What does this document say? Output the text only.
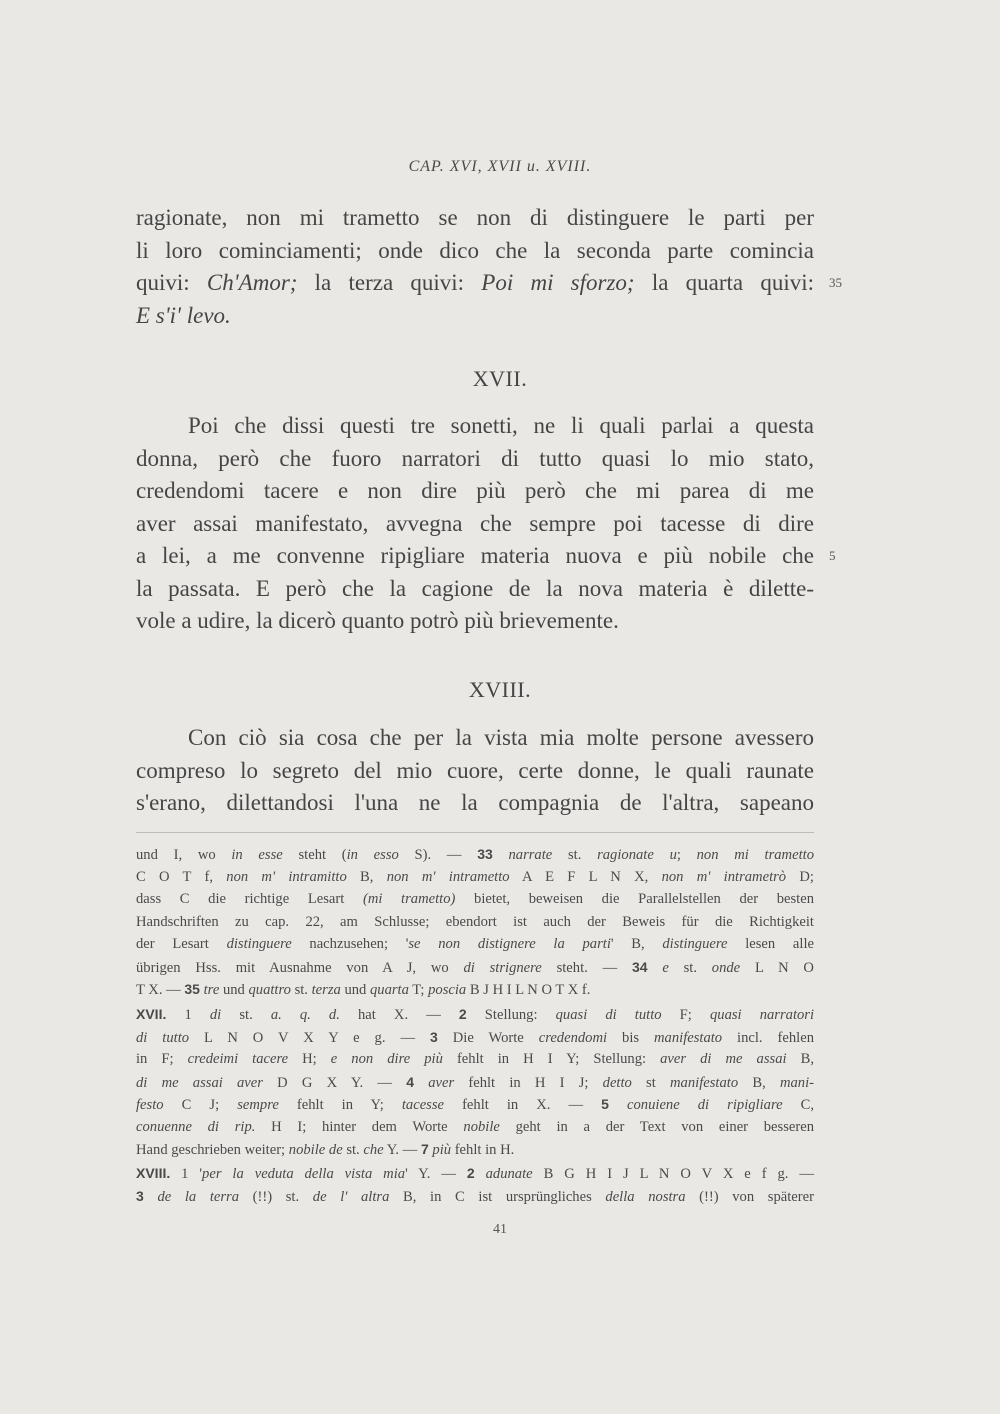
CAP. XVI, XVII u. XVIII.
ragionate, non mi trametto se non di distinguere le parti per
li loro cominciamenti; onde dico che la seconda parte comincia
quivi: Ch'Amor; la terza quivi: Poi mi sforzo; la quarta quivi: 35
E s'i' levo.
XVII.
Poi che dissi questi tre sonetti, ne li quali parlai a questa
donna, però che fuoro narratori di tutto quasi lo mio stato,
credendomi tacere e non dire più però che mi parea di me
aver assai manifestato, avvegna che sempre poi tacesse di dire
a lei, a me convenne ripigliare materia nuova e più nobile che 5
la passata. E però che la cagione de la nova materia è dilette-
vole a udire, la dicerò quanto potrò più brievemente.
XVIII.
Con ciò sia cosa che per la vista mia molte persone avessero
compreso lo segreto del mio cuore, certe donne, le quali raunate
s'erano, dilettandosi l'una ne la compagnia de l'altra, sapeano
und I, wo in esse steht (in esso S). — 33 narrate st. ragionate u; non mi trametto
C O T f, non m' intramitto B, non m' intrametto A E F L N X, non m' intrametrò D;
dass C die richtige Lesart (mi trametto) bietet, beweisen die Parallelstellen der besten
Handschriften zu cap. 22, am Schlusse; ebendort ist auch der Beweis für die Richtigkeit
der Lesart distinguere nachzusehen; 'se non distignere la parti' B, distinguere lesen alle
übrigen Hss. mit Ausnahme von A J, wo di strignere steht. — 34 e st. onde L N O
T X. — 35 tre und quattro st. terza und quarta T; poscia B J H I L N O T X f.
XVII. 1 di st. a. q. d. hat X. — 2 Stellung: quasi di tutto F; quasi narratori
di tutto L N O V X Y e g. — 3 Die Worte credendomi bis manifestato incl. fehlen
in F; credeimi tacere H; e non dire più fehlt in H I Y; Stellung: aver di me assai B,
di me assai aver D G X Y. — 4 aver fehlt in H I J; detto st manifestato B, mani-
festo C J; sempre fehlt in Y; tacesse fehlt in X. — 5 conuiene di ripigliare C,
conuenne di rip. H I; hinter dem Worte nobile geht in a der Text von einer besseren
Hand geschrieben weiter; nobile de st. che Y. — 7 più fehlt in H.
XVIII. 1 'per la veduta della vista mia' Y. — 2 adunate B G H I J L N O V X e f g. —
3 de la terra (!!) st. de l' altra B, in C ist ursprüngliches della nostra (!!) von späterer
41
